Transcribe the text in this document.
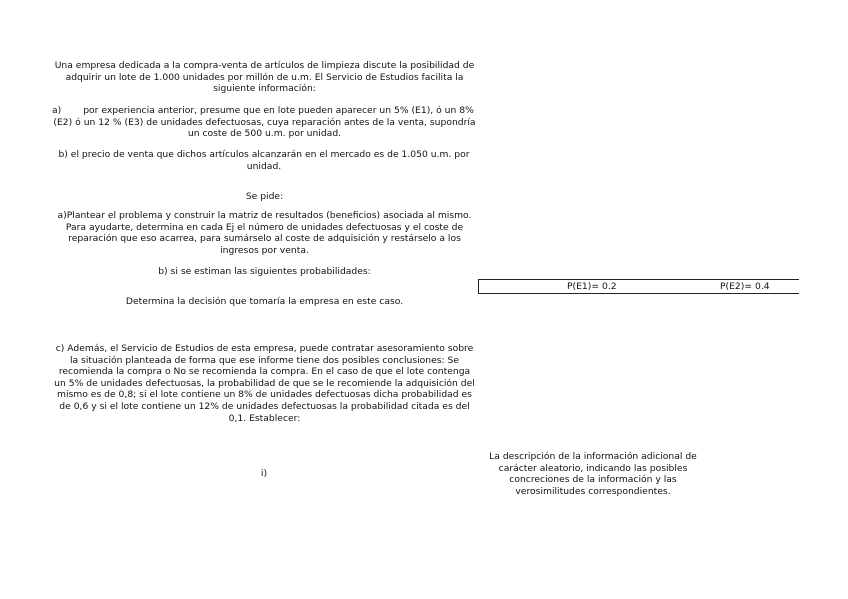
Una empresa dedicada a la compra-venta de artículos de limpieza discute la posibilidad de adquirir un lote de 1.000 unidades por millón de u.m. El Servicio de Estudios facilita la siguiente información:
a)	por experiencia anterior, presume que en lote pueden aparecer un 5% (E1), ó un 8% (E2) ó un 12 % (E3) de unidades defectuosas, cuya reparación antes de la venta, supondría un coste de 500 u.m. por unidad.
b) el precio de venta que dichos artículos alcanzarán en el mercado es de 1.050 u.m. por unidad.
Se pide:
a)Plantear el problema y construir la matriz de resultados (beneficios) asociada al mismo. Para ayudarte, determina en cada Ej el número de unidades defectuosas y el coste de reparación que eso acarrea, para sumárselo al coste de adquisición y restárselo a los ingresos por venta.
b) si se estiman las siguientes probabilidades:
P(E1)= 0.2	P(E2)= 0.4
Determina la decisión que tomaría la empresa en este caso.
c) Además, el Servicio de Estudios de esta empresa, puede contratar asesoramiento sobre la situación planteada de forma que ese informe tiene dos posibles conclusiones: Se recomienda la compra o No se recomienda la compra. En el caso de que el lote contenga un 5% de unidades defectuosas, la probabilidad de que se le recomiende la adquisición del mismo es de 0,8; si el lote contiene un 8% de unidades defectuosas dicha probabilidad es de 0,6 y si el lote contiene un 12% de unidades defectuosas la probabilidad citada es del 0,1. Establecer:
i)
La descripción de la información adicional de carácter aleatorio, indicando las posibles concreciones de la información y las verosimilitudes correspondientes.
